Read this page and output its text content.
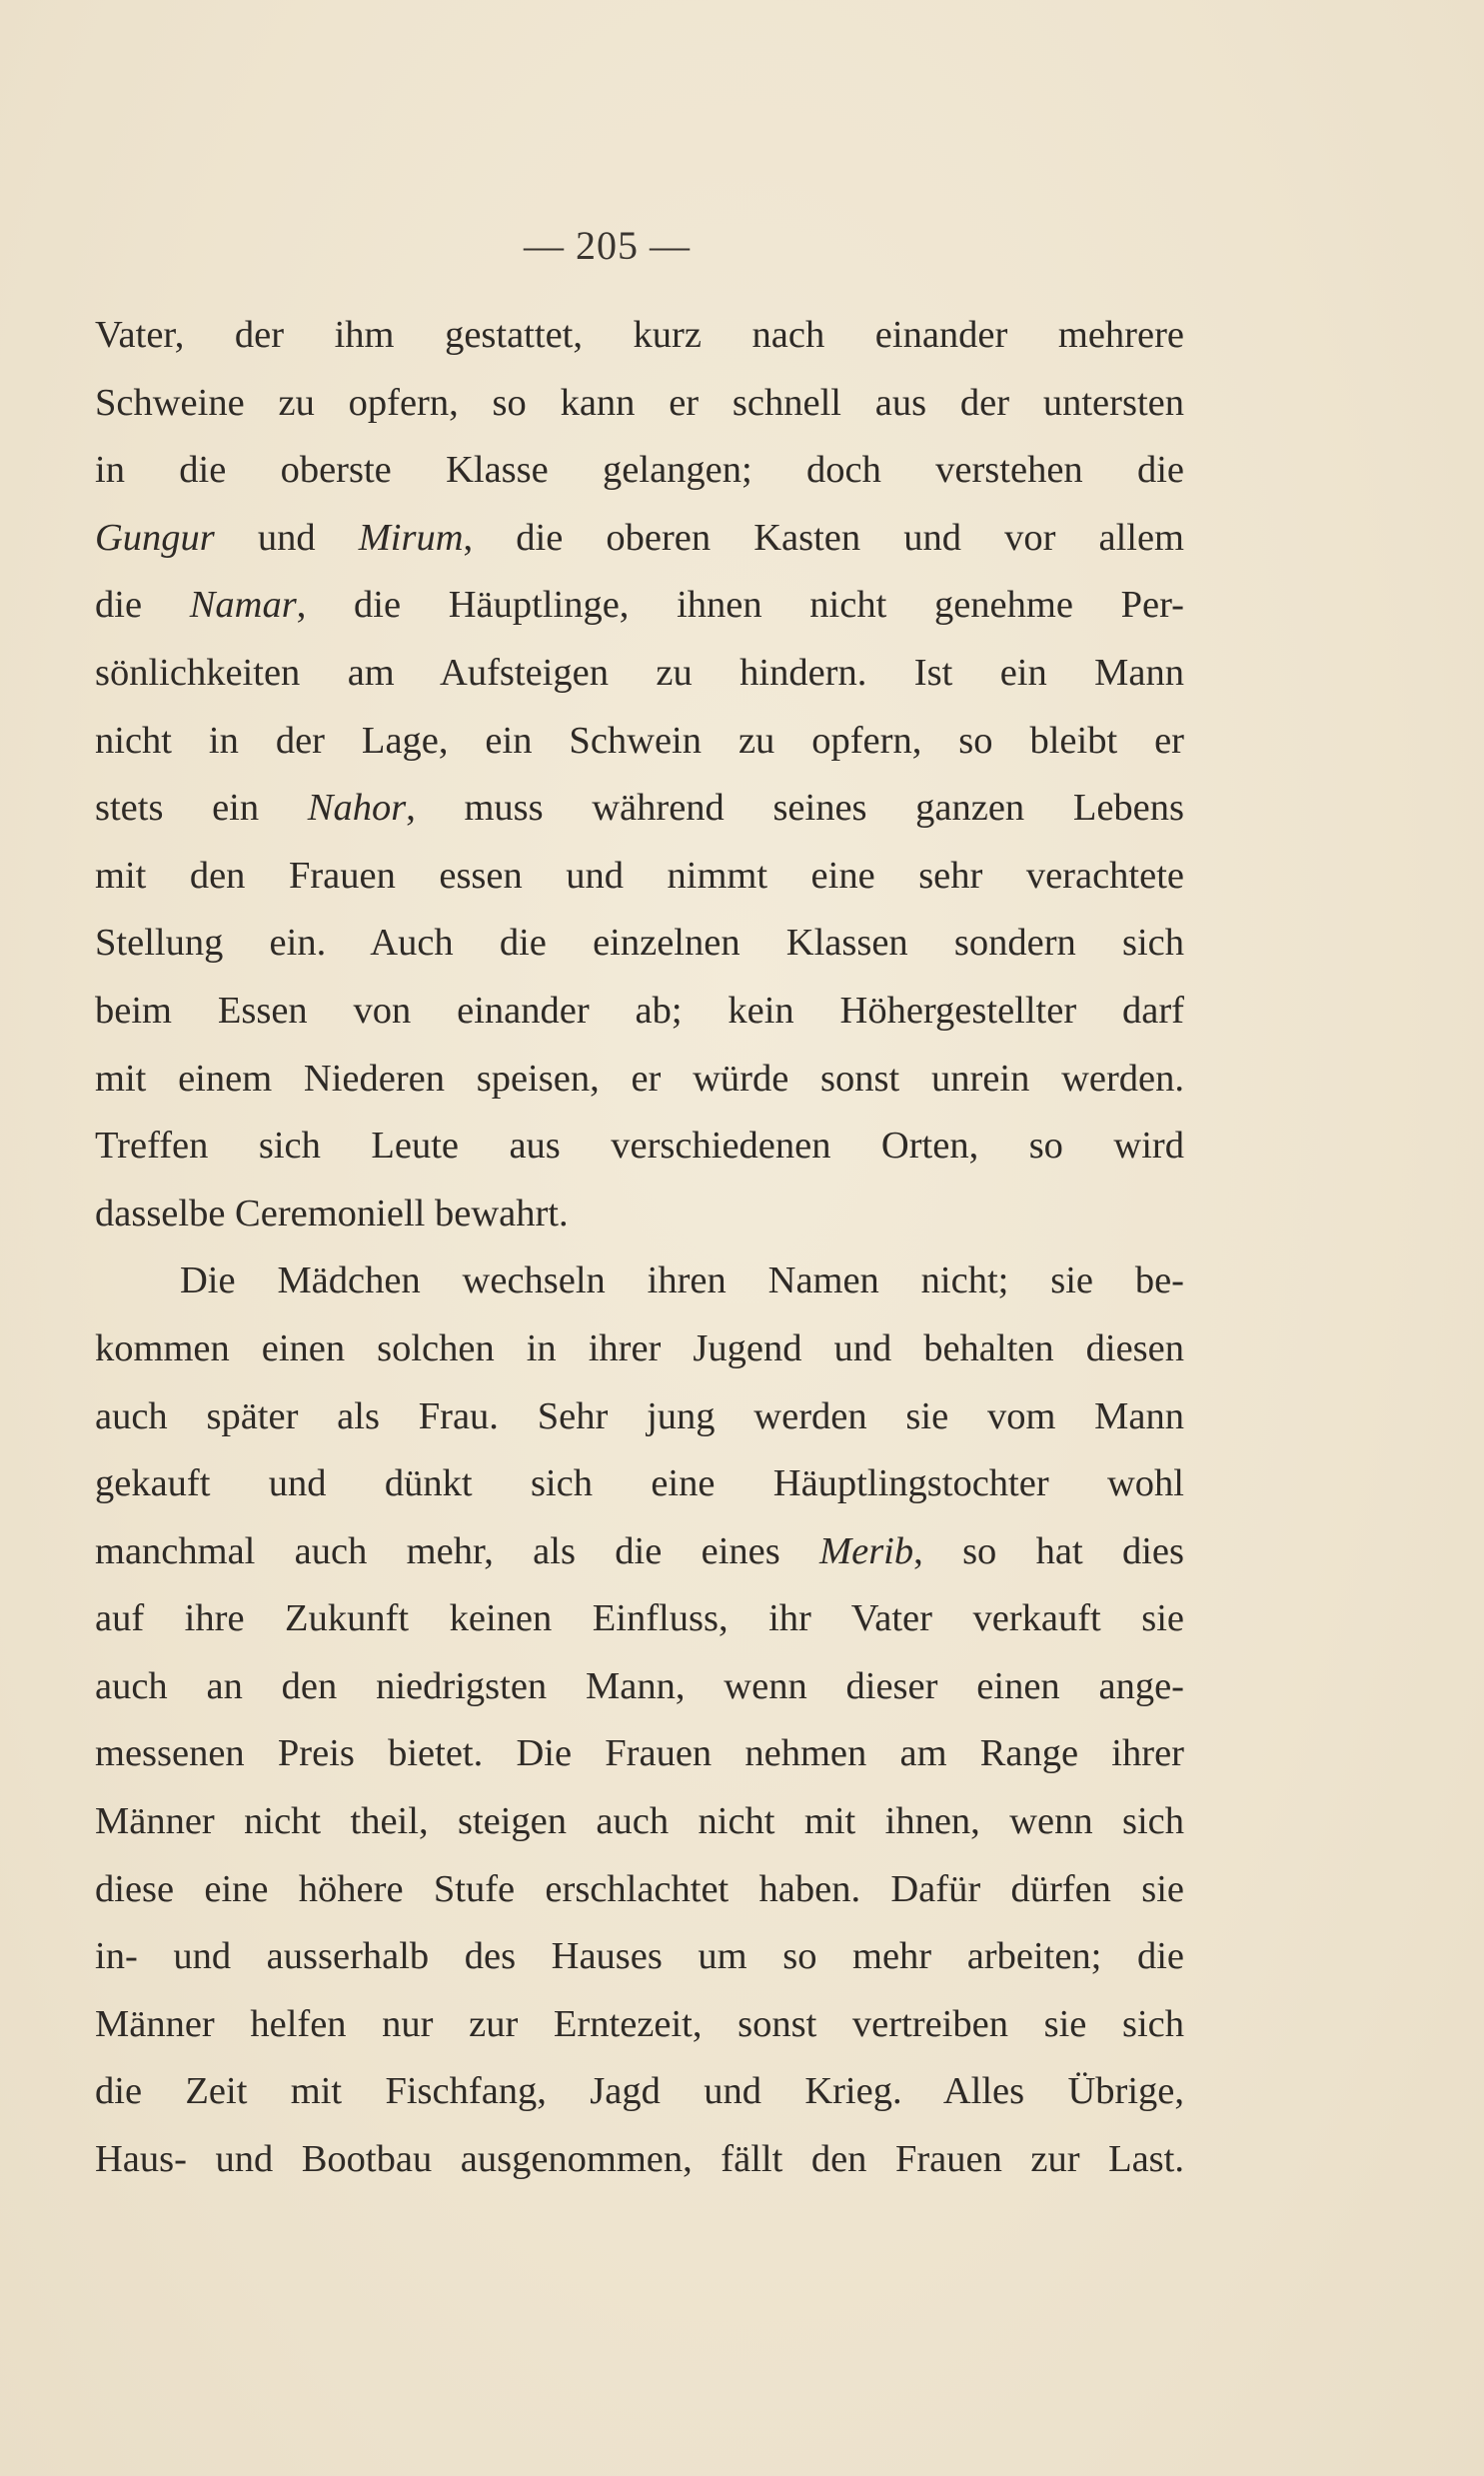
— 205 —
Vater, der ihm gestattet, kurz nach einander mehrere
Schweine zu opfern, so kann er schnell aus der untersten
in die oberste Klasse gelangen; doch verstehen die
Gungur und Mirum, die oberen Kasten und vor allem
die Namar, die Häuptlinge, ihnen nicht genehme Per-
sönlichkeiten am Aufsteigen zu hindern. Ist ein Mann
nicht in der Lage, ein Schwein zu opfern, so bleibt er
stets ein Nahor, muss während seines ganzen Lebens
mit den Frauen essen und nimmt eine sehr verachtete
Stellung ein. Auch die einzelnen Klassen sondern sich
beim Essen von einander ab; kein Höhergestellter darf
mit einem Niederen speisen, er würde sonst unrein werden.
Treffen sich Leute aus verschiedenen Orten, so wird
dasselbe Ceremoniell bewahrt.
Die Mädchen wechseln ihren Namen nicht; sie be-
kommen einen solchen in ihrer Jugend und behalten diesen
auch später als Frau. Sehr jung werden sie vom Mann
gekauft und dünkt sich eine Häuptlingstochter wohl
manchmal auch mehr, als die eines Merib, so hat dies
auf ihre Zukunft keinen Einfluss, ihr Vater verkauft sie
auch an den niedrigsten Mann, wenn dieser einen ange-
messenen Preis bietet. Die Frauen nehmen am Range ihrer
Männer nicht theil, steigen auch nicht mit ihnen, wenn sich
diese eine höhere Stufe erschlachtet haben. Dafür dürfen sie
in- und ausserhalb des Hauses um so mehr arbeiten; die
Männer helfen nur zur Erntezeit, sonst vertreiben sie sich
die Zeit mit Fischfang, Jagd und Krieg. Alles Übrige,
Haus- und Bootbau ausgenommen, fällt den Frauen zur Last.
